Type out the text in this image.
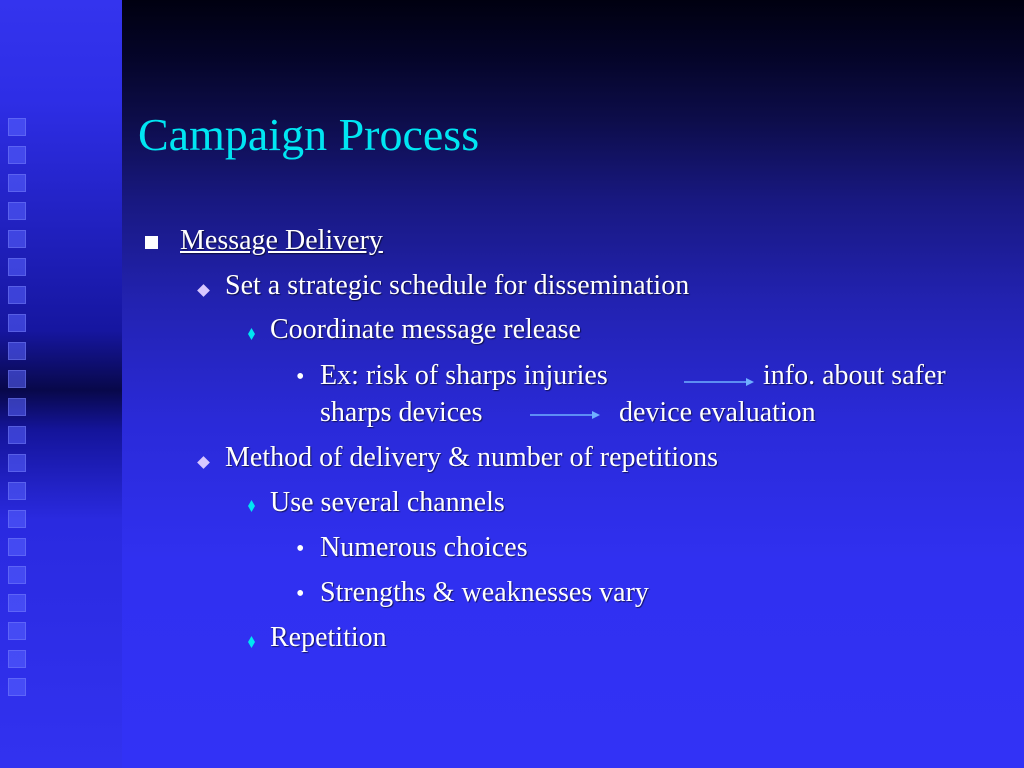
Campaign Process
Message Delivery
Set a strategic schedule for dissemination
Coordinate message release
• Ex: risk of sharps injuries	info. about safer
sharps devices	device evaluation
Method of delivery & number of repetitions
Use several channels
• Numerous choices
• Strengths & weaknesses vary
Repetition
